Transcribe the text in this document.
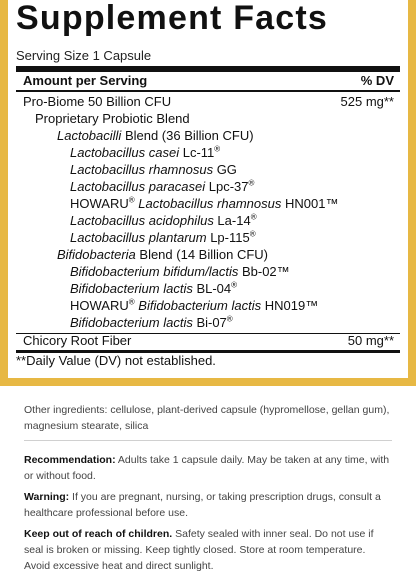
Supplement Facts
Serving Size 1 Capsule
Amount per Serving	% DV
Pro-Biome 50 Billion CFU	525 mg**
Proprietary Probiotic Blend
Lactobacilli Blend (36 Billion CFU)
Lactobacillus casei Lc-11®
Lactobacillus rhamnosus GG
Lactobacillus paracasei Lpc-37®
HOWARU® Lactobacillus rhamnosus HN001™
Lactobacillus acidophilus La-14®
Lactobacillus plantarum Lp-115®
Bifidobacteria Blend (14 Billion CFU)
Bifidobacterium bifidum/lactis Bb-02™
Bifidobacterium lactis BL-04®
HOWARU® Bifidobacterium lactis HN019™
Bifidobacterium lactis Bi-07®
Chicory Root Fiber	50 mg**
**Daily Value (DV) not established.
Other ingredients: cellulose, plant-derived capsule (hypromellose, gellan gum), magnesium stearate, silica
Recommendation: Adults take 1 capsule daily. May be taken at any time, with or without food.
Warning: If you are pregnant, nursing, or taking prescription drugs, consult a healthcare professional before use.
Keep out of reach of children. Safety sealed with inner seal. Do not use if seal is broken or missing. Keep tightly closed. Store at room temperature. Avoid excessive heat and direct sunlight.
